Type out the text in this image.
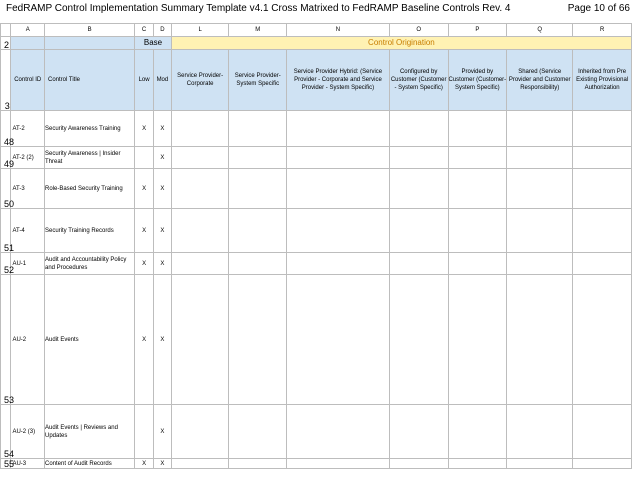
FedRAMP Control Implementation Summary Template v4.1 Cross Matrixed to FedRAMP Baseline Controls Rev. 4	Page 10 of 66
	A	B	C	D	L	M	N	O	P	Q	R
2			Base		Control Origination						
3	Control ID	Control Title	Low	Mod	Service Provider- Corporate	Service Provider- System Specific	Service Provider Hybrid: (Service Provider - Corporate and Service Provider - System Specific)	Configured by Customer (Customer - System Specific)	Provided by Customer (Customer- System Specific)	Shared (Service Provider and Customer Responsibility)	Inherited from Pre Existing Provisional Authorization
48	AT-2	Security Awareness Training	X	X							
49	AT-2 (2)	Security Awareness | Insider Threat		X							
50	AT-3	Role-Based Security Training	X	X							
51	AT-4	Security Training Records	X	X							
52	AU-1	Audit and Accountability Policy and Procedures	X	X							
53	AU-2	Audit Events	X	X							
54	AU-2 (3)	Audit Events | Reviews and Updates		X							
55	AU-3	Content of Audit Records	X	X							
